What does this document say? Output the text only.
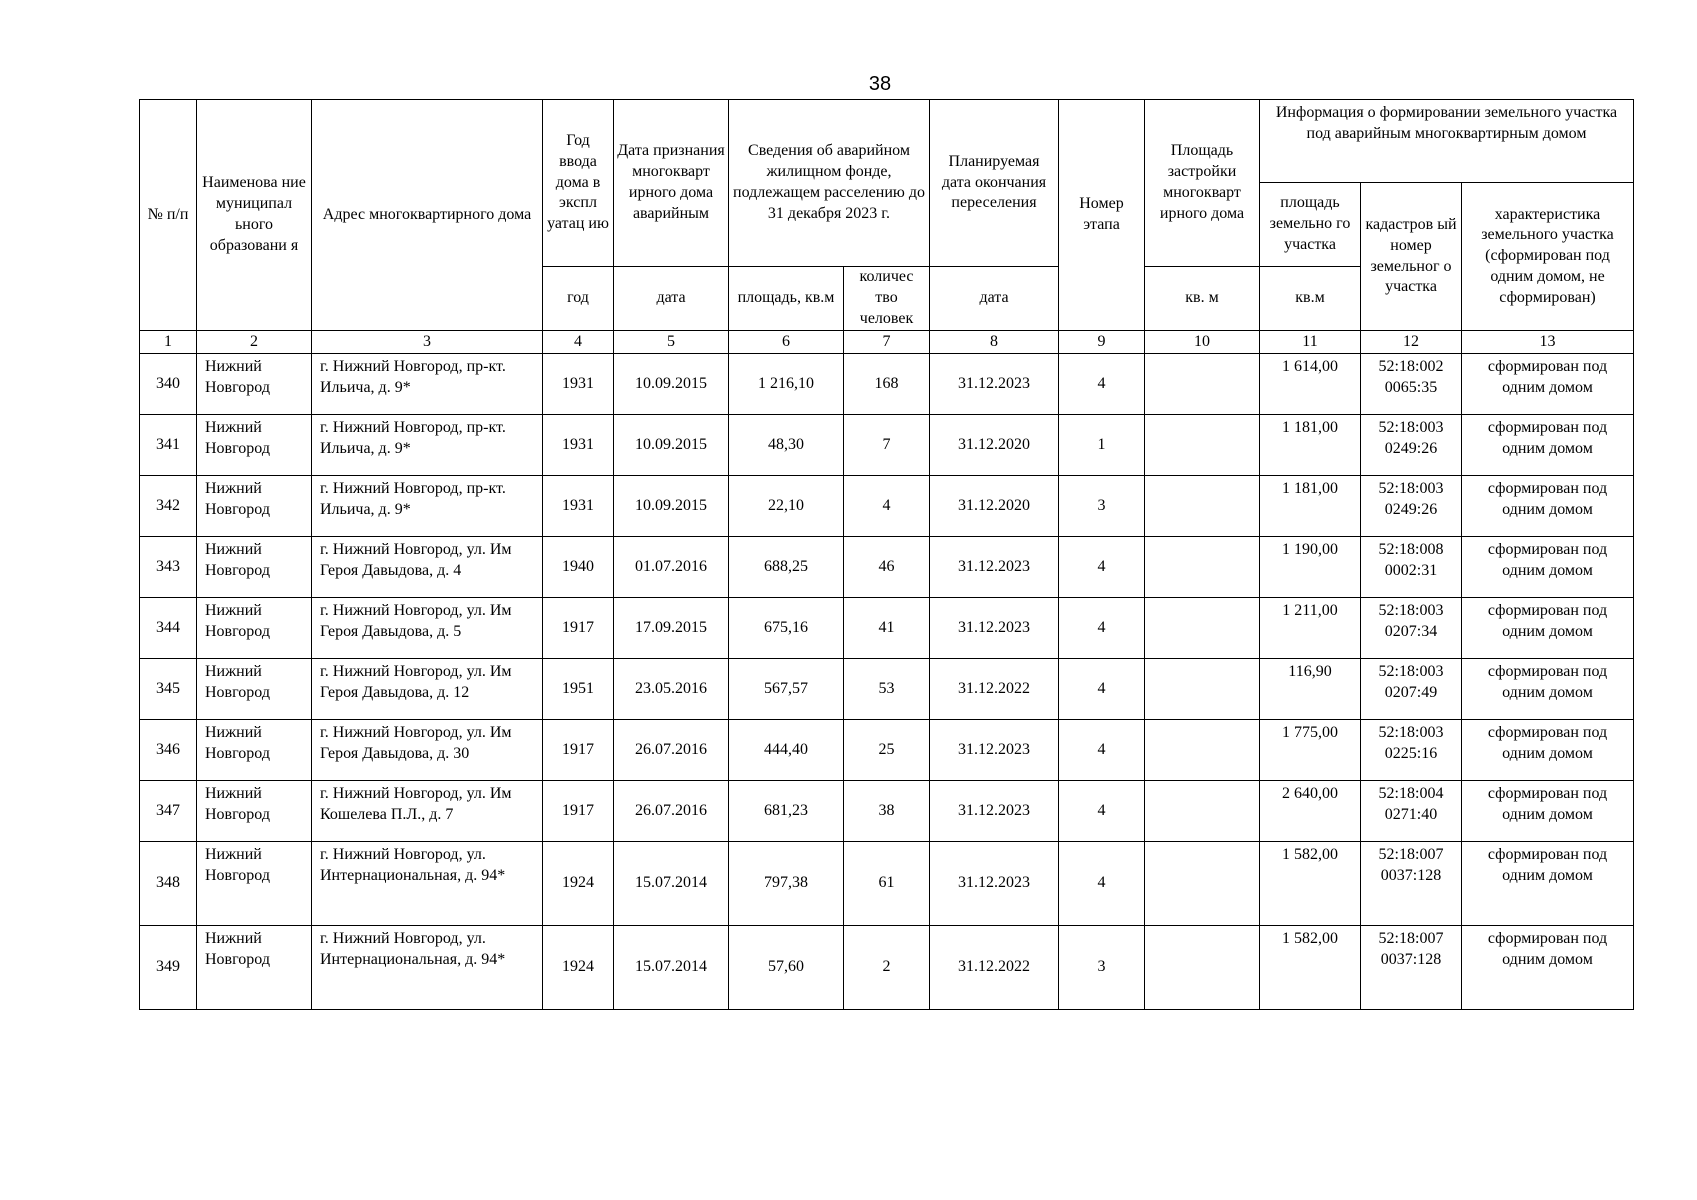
38
№ п/п	Наименова ние муниципал ьного образовани я	Адрес многоквартирного дома	Год ввода дома в экспл уатац ию	Дата признания многокварт ирного дома аварийным	Сведения об аварийном жилищном фонде, подлежащем расселению до 31 декабря 2023 г.		Планируемая дата окончания переселения	Номер этапа	Площадь застройки многокварт ирного дома	Информация о формировании земельного участка под аварийным многоквартирным домом		
										площадь земельно го участка	кадастров ый номер земельног о участка	характеристика земельного участка (сформирован под одним домом, не сформирован)
			год	дата	площадь, кв.м	количес тво человек	дата		кв. м	кв.м		
1	2	3	4	5	6	7	8	9	10	11	12	13
340	Нижний Новгород	г. Нижний Новгород, пр-кт. Ильича, д. 9*	1931	10.09.2015	1 216,10	168	31.12.2023	4		1 614,00	52:18:002 0065:35	сформирован под одним домом
341	Нижний Новгород	г. Нижний Новгород, пр-кт. Ильича, д. 9*	1931	10.09.2015	48,30	7	31.12.2020	1		1 181,00	52:18:003 0249:26	сформирован под одним домом
342	Нижний Новгород	г. Нижний Новгород, пр-кт. Ильича, д. 9*	1931	10.09.2015	22,10	4	31.12.2020	3		1 181,00	52:18:003 0249:26	сформирован под одним домом
343	Нижний Новгород	г. Нижний Новгород, ул. Им Героя Давыдова, д. 4	1940	01.07.2016	688,25	46	31.12.2023	4		1 190,00	52:18:008 0002:31	сформирован под одним домом
344	Нижний Новгород	г. Нижний Новгород, ул. Им Героя Давыдова, д. 5	1917	17.09.2015	675,16	41	31.12.2023	4		1 211,00	52:18:003 0207:34	сформирован под одним домом
345	Нижний Новгород	г. Нижний Новгород, ул. Им Героя Давыдова, д. 12	1951	23.05.2016	567,57	53	31.12.2022	4		116,90	52:18:003 0207:49	сформирован под одним домом
346	Нижний Новгород	г. Нижний Новгород, ул. Им Героя Давыдова, д. 30	1917	26.07.2016	444,40	25	31.12.2023	4		1 775,00	52:18:003 0225:16	сформирован под одним домом
347	Нижний Новгород	г. Нижний Новгород, ул. Им Кошелева П.Л., д. 7	1917	26.07.2016	681,23	38	31.12.2023	4		2 640,00	52:18:004 0271:40	сформирован под одним домом
348	Нижний Новгород	г. Нижний Новгород, ул. Интернациональная, д. 94*	1924	15.07.2014	797,38	61	31.12.2023	4		1 582,00	52:18:007 0037:128	сформирован под одним домом
349	Нижний Новгород	г. Нижний Новгород, ул. Интернациональная, д. 94*	1924	15.07.2014	57,60	2	31.12.2022	3		1 582,00	52:18:007 0037:128	сформирован под одним домом
